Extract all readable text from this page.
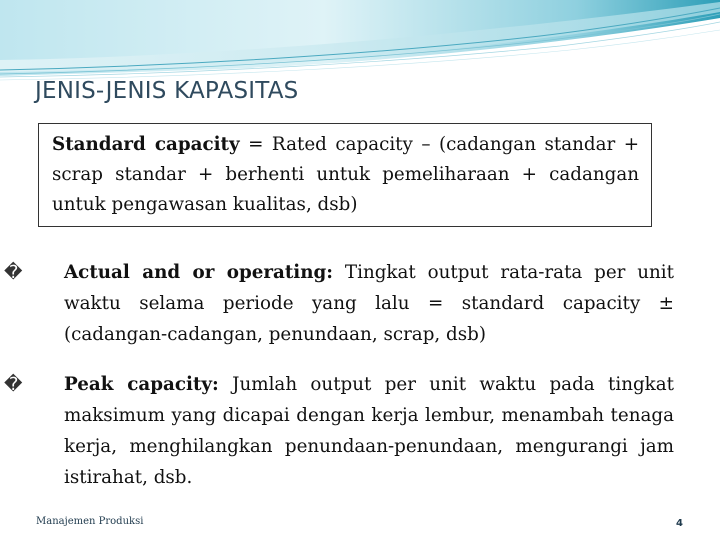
JENIS-JENIS KAPASITAS
Standard capacity = Rated capacity – (cadangan standar + scrap standar + berhenti untuk pemeliharaan + cadangan untuk pengawasan kualitas, dsb)
� Actual and or operating: Tingkat output rata-rata per unit waktu selama periode yang lalu = standard capacity ± (cadangan-cadangan, penundaan, scrap, dsb)
� Peak capacity: Jumlah output per unit waktu pada tingkat maksimum yang dicapai dengan kerja lembur, menambah tenaga kerja, menghilangkan penundaan-penundaan, mengurangi jam istirahat, dsb.
Manajemen Produksi	4
